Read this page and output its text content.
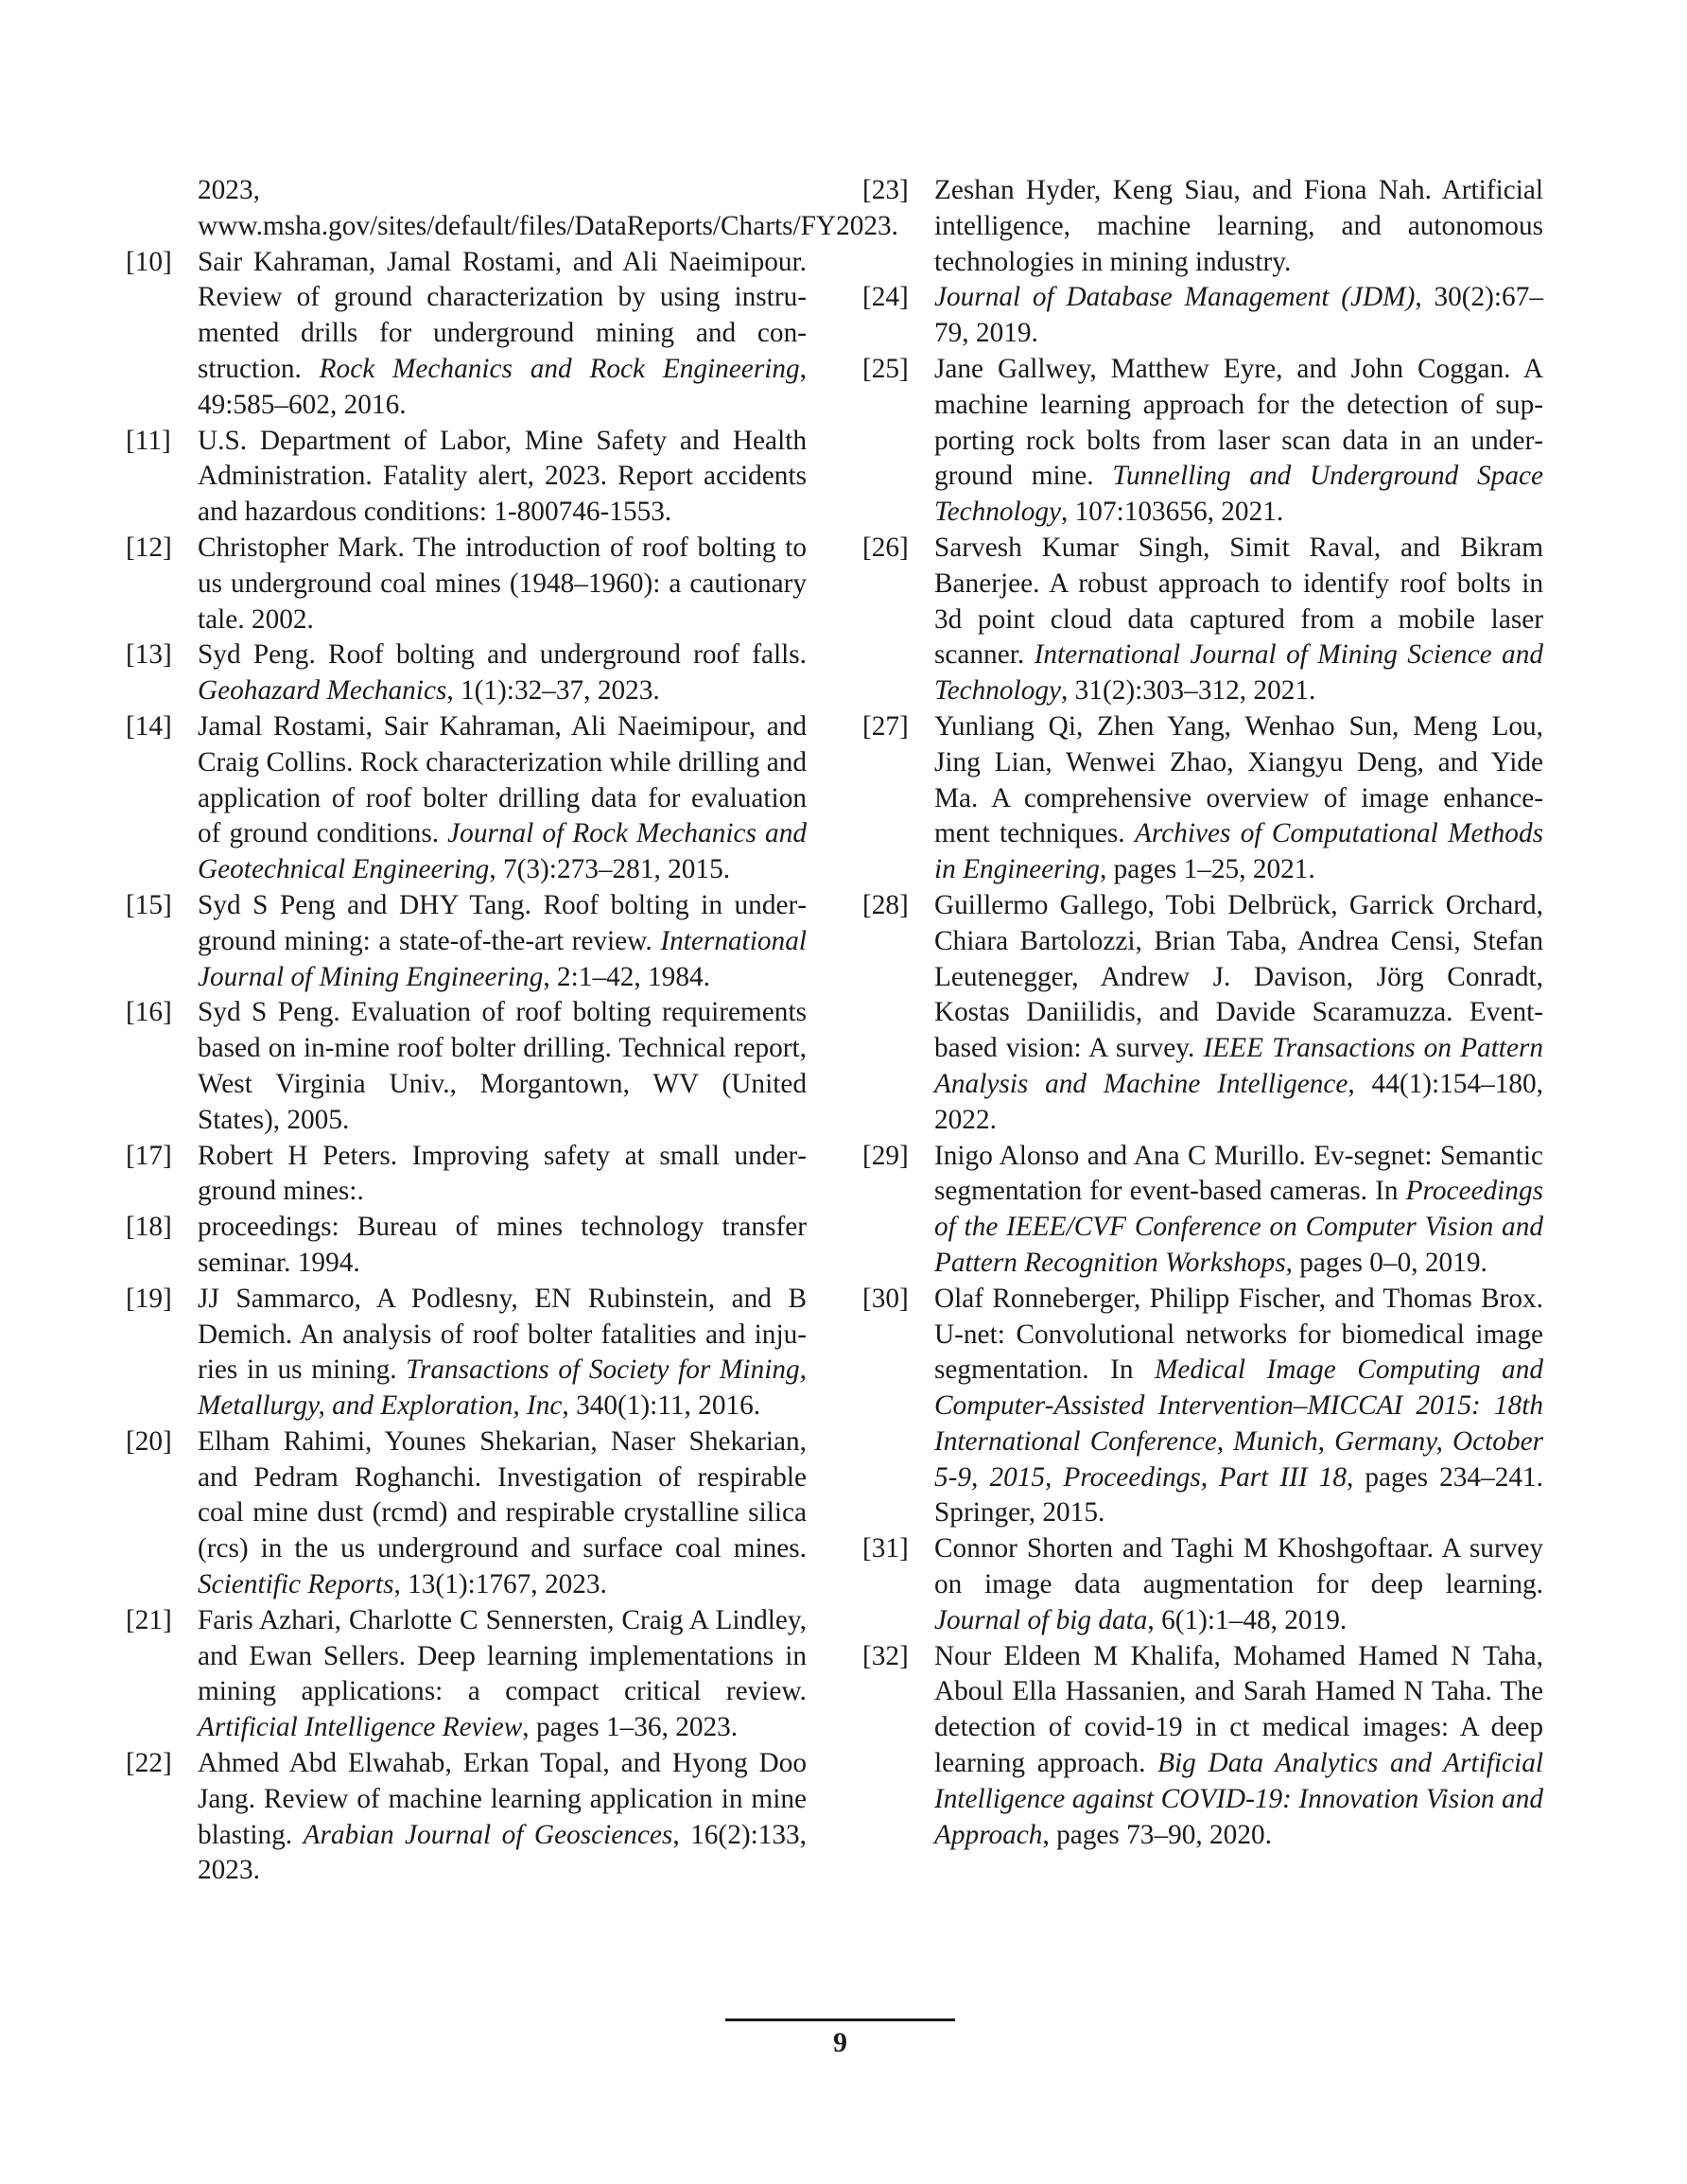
2023, www.msha.gov/sites/default/files/DataReports/Charts/FY2023.

[10] Sair Kahraman, Jamal Rostami, and Ali Naeimipour. Review of ground characterization by using instrumented drills for underground mining and construction. Rock Mechanics and Rock Engineering, 49:585–602, 2016.

[11] U.S. Department of Labor, Mine Safety and Health Administration. Fatality alert, 2023. Report accidents and hazardous conditions: 1-800746-1553.

[12] Christopher Mark. The introduction of roof bolting to us underground coal mines (1948–1960): a cautionary tale. 2002.

[13] Syd Peng. Roof bolting and underground roof falls. Geohazard Mechanics, 1(1):32–37, 2023.

[14] Jamal Rostami, Sair Kahraman, Ali Naeimipour, and Craig Collins. Rock characterization while drilling and application of roof bolter drilling data for evaluation of ground conditions. Journal of Rock Mechanics and Geotechnical Engineering, 7(3):273–281, 2015.

[15] Syd S Peng and DHY Tang. Roof bolting in underground mining: a state-of-the-art review. International Journal of Mining Engineering, 2:1–42, 1984.

[16] Syd S Peng. Evaluation of roof bolting requirements based on in-mine roof bolter drilling. Technical report, West Virginia Univ., Morgantown, WV (United States), 2005.

[17] Robert H Peters. Improving safety at small underground mines:.

[18] proceedings: Bureau of mines technology transfer seminar. 1994.

[19] JJ Sammarco, A Podlesny, EN Rubinstein, and B Demich. An analysis of roof bolter fatalities and injuries in us mining. Transactions of Society for Mining, Metallurgy, and Exploration, Inc, 340(1):11, 2016.

[20] Elham Rahimi, Younes Shekarian, Naser Shekarian, and Pedram Roghanchi. Investigation of respirable coal mine dust (rcmd) and respirable crystalline silica (rcs) in the us underground and surface coal mines. Scientific Reports, 13(1):1767, 2023.

[21] Faris Azhari, Charlotte C Sennersten, Craig A Lindley, and Ewan Sellers. Deep learning implementations in mining applications: a compact critical review. Artificial Intelligence Review, pages 1–36, 2023.

[22] Ahmed Abd Elwahab, Erkan Topal, and Hyong Doo Jang. Review of machine learning application in mine blasting. Arabian Journal of Geosciences, 16(2):133, 2023.

[23] Zeshan Hyder, Keng Siau, and Fiona Nah. Artificial intelligence, machine learning, and autonomous technologies in mining industry.

[24] Journal of Database Management (JDM), 30(2):67–79, 2019.

[25] Jane Gallwey, Matthew Eyre, and John Coggan. A machine learning approach for the detection of supporting rock bolts from laser scan data in an underground mine. Tunnelling and Underground Space Technology, 107:103656, 2021.

[26] Sarvesh Kumar Singh, Simit Raval, and Bikram Banerjee. A robust approach to identify roof bolts in 3d point cloud data captured from a mobile laser scanner. International Journal of Mining Science and Technology, 31(2):303–312, 2021.

[27] Yunliang Qi, Zhen Yang, Wenhao Sun, Meng Lou, Jing Lian, Wenwei Zhao, Xiangyu Deng, and Yide Ma. A comprehensive overview of image enhancement techniques. Archives of Computational Methods in Engineering, pages 1–25, 2021.

[28] Guillermo Gallego, Tobi Delbrück, Garrick Orchard, Chiara Bartolozzi, Brian Taba, Andrea Censi, Stefan Leutenegger, Andrew J. Davison, Jörg Conradt, Kostas Daniilidis, and Davide Scaramuzza. Event-based vision: A survey. IEEE Transactions on Pattern Analysis and Machine Intelligence, 44(1):154–180, 2022.

[29] Inigo Alonso and Ana C Murillo. Ev-segnet: Semantic segmentation for event-based cameras. In Proceedings of the IEEE/CVF Conference on Computer Vision and Pattern Recognition Workshops, pages 0–0, 2019.

[30] Olaf Ronneberger, Philipp Fischer, and Thomas Brox. U-net: Convolutional networks for biomedical image segmentation. In Medical Image Computing and Computer-Assisted Intervention–MICCAI 2015: 18th International Conference, Munich, Germany, October 5-9, 2015, Proceedings, Part III 18, pages 234–241. Springer, 2015.

[31] Connor Shorten and Taghi M Khoshgoftaar. A survey on image data augmentation for deep learning. Journal of big data, 6(1):1–48, 2019.

[32] Nour Eldeen M Khalifa, Mohamed Hamed N Taha, Aboul Ella Hassanien, and Sarah Hamed N Taha. The detection of covid-19 in ct medical images: A deep learning approach. Big Data Analytics and Artificial Intelligence against COVID-19: Innovation Vision and Approach, pages 73–90, 2020.

9
